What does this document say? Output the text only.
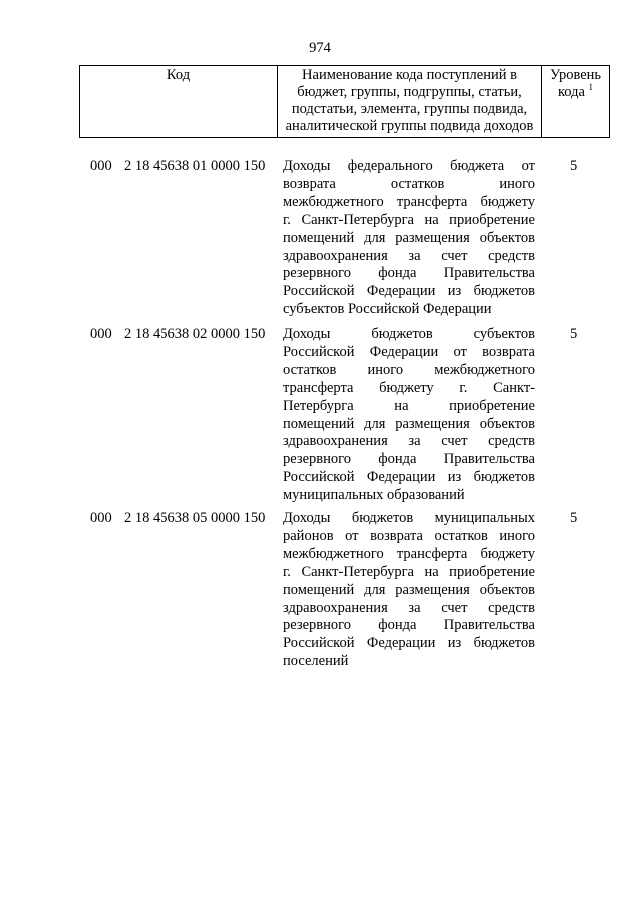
974
Код	Наименование кода поступлений в
бюджет, группы, подгруппы, статьи,
подстатьи, элемента, группы подвида,
аналитической группы подвида доходов
Уровень
кода $^1$
000 2 18 45638 01 0000 150 Доходы федерального бюджета от
возврата остатков иного
межбюджетного трансферта бюджету
г. Санкт-Петербурга на приобретение
помещений для размещения объектов
здравоохранения за счет средств
резервного фонда Правительства
Российской Федерации из бюджетов
субъектов Российской Федерации
5
000 2 18 45638 02 0000 150 Доходы бюджетов субъектов
Российской Федерации от возврата
остатков иного межбюджетного
трансферта бюджету г. Санкт-
Петербурга на приобретение
помещений для размещения объектов
здравоохранения за счет средств
резервного фонда Правительства
Российской Федерации из бюджетов
муниципальных образований
5
000 2 18 45638 05 0000 150 Доходы бюджетов муниципальных
районов от возврата остатков иного
межбюджетного трансферта бюджету
г. Санкт-Петербурга на приобретение
помещений для размещения объектов
здравоохранения за счет средств
резервного фонда Правительства
Российской Федерации из бюджетов
поселений
5
